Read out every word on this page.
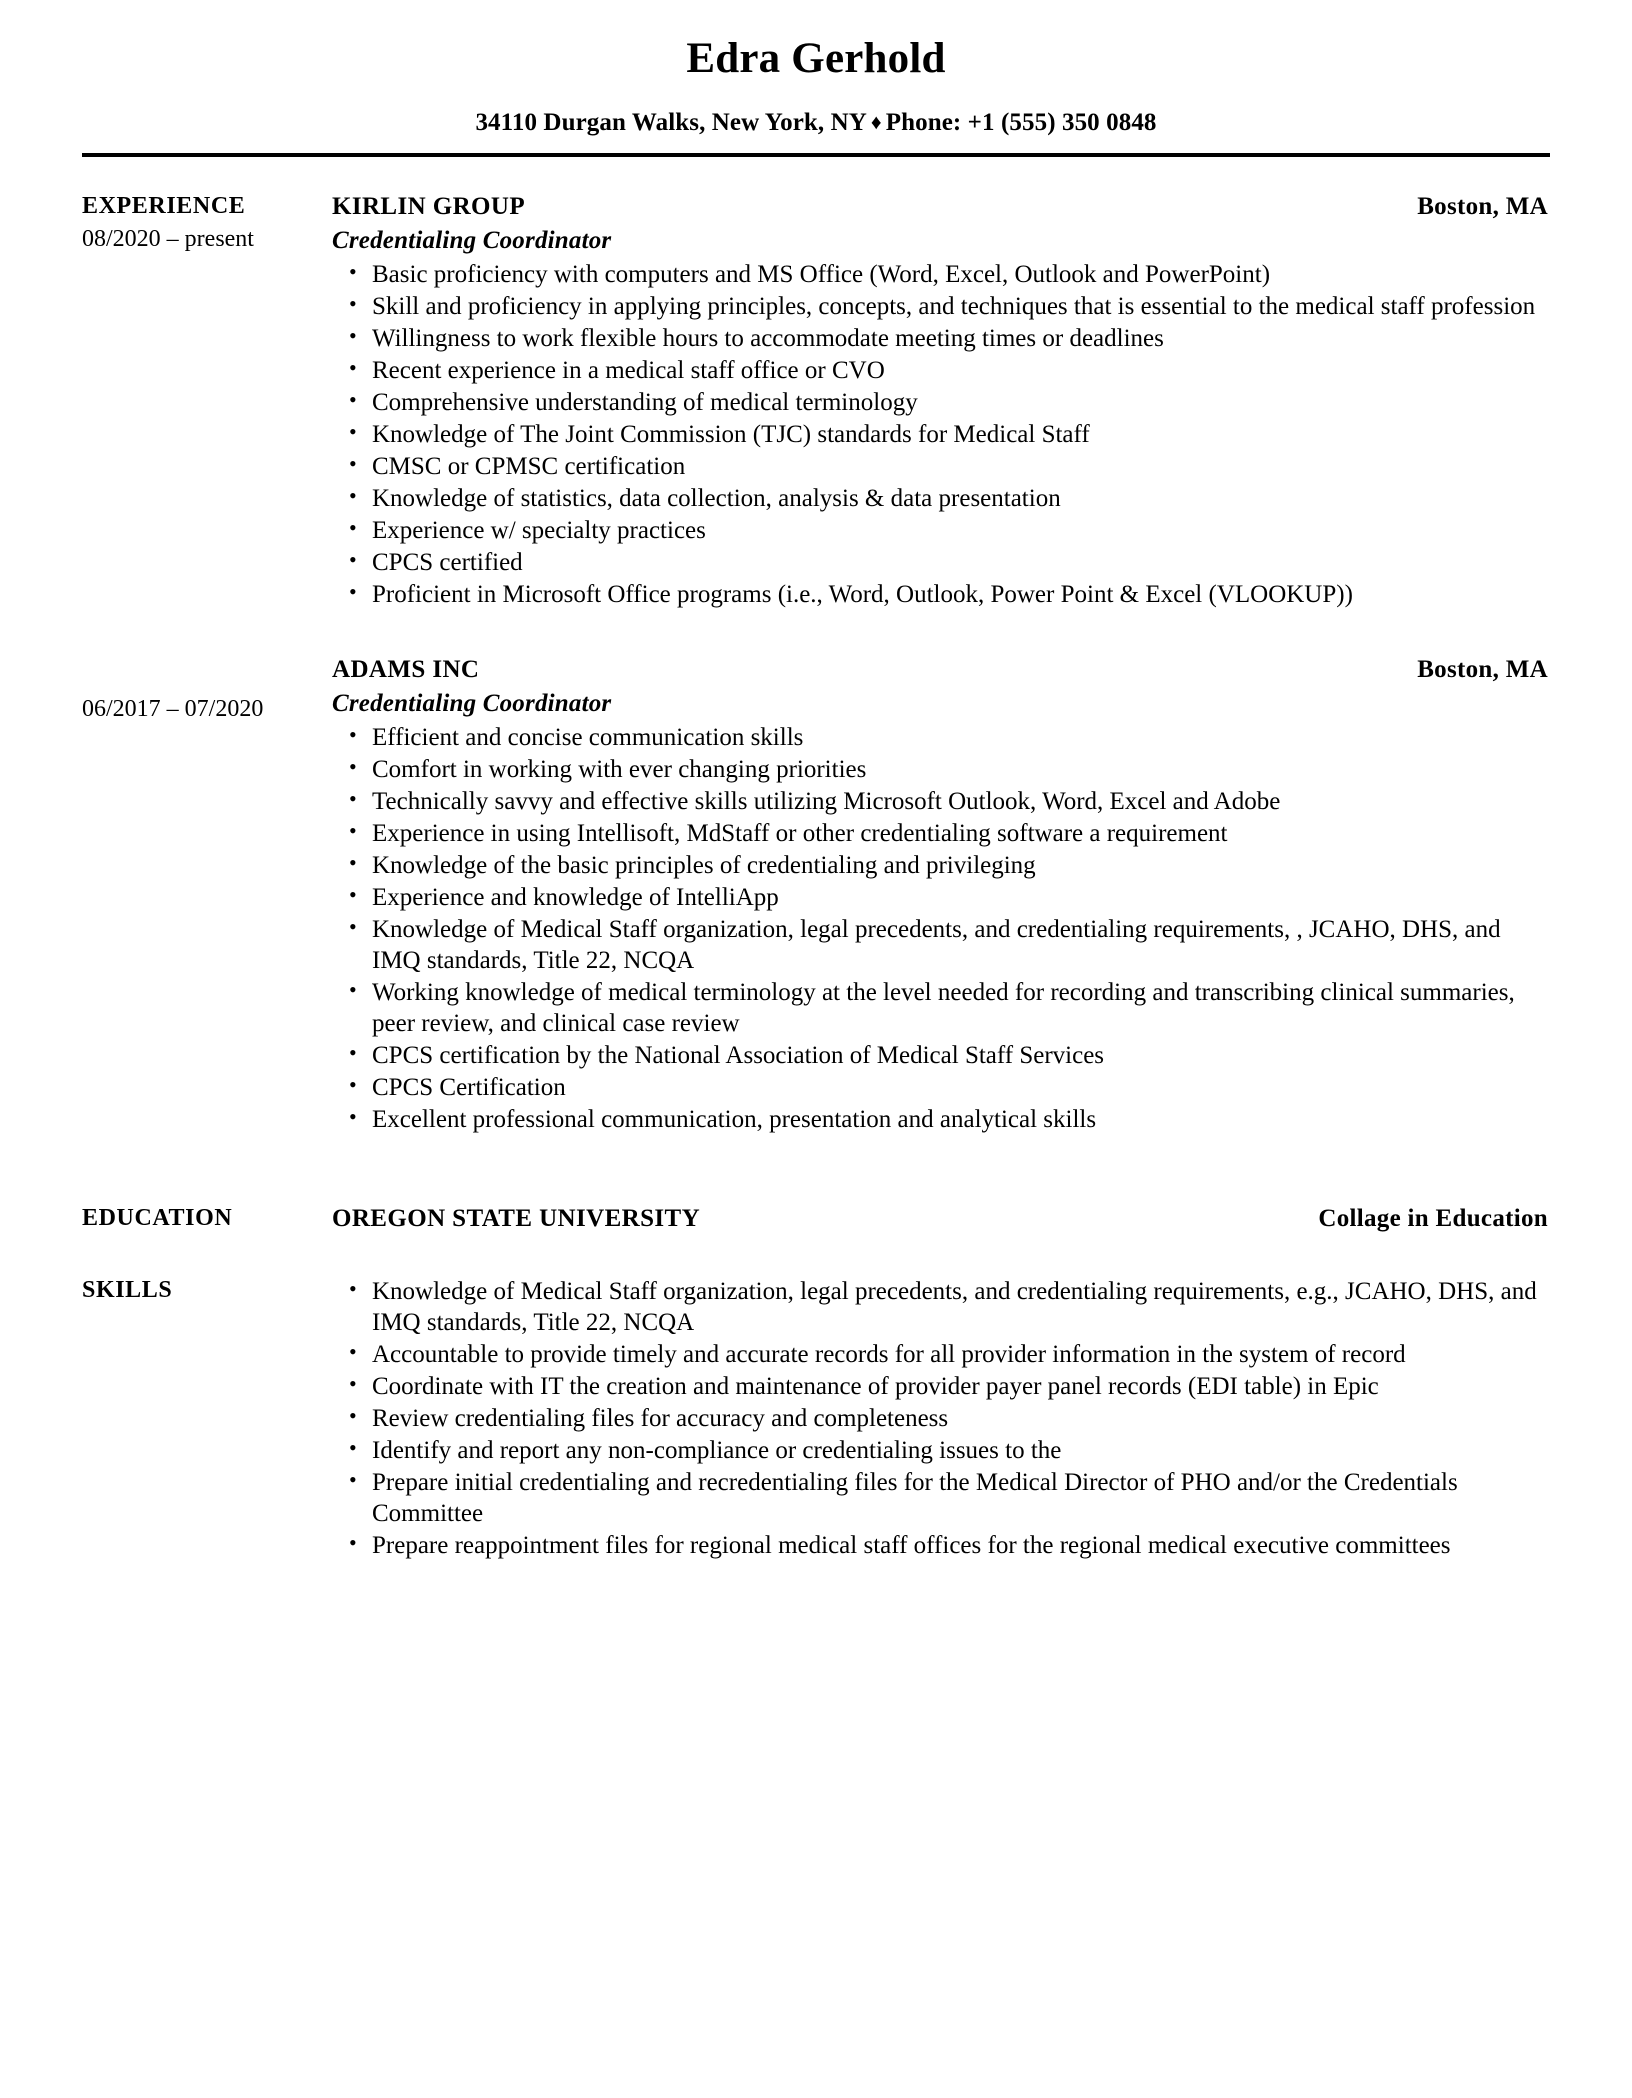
Edra Gerhold
34110 Durgan Walks, New York, NY ♦ Phone: +1 (555) 350 0848
EXPERIENCE
08/2020 – present
KIRLIN GROUP	Boston, MA
Credentialing Coordinator
• Basic proficiency with computers and MS Office (Word, Excel, Outlook and PowerPoint)
• Skill and proficiency in applying principles, concepts, and techniques that is essential to the medical staff profession
• Willingness to work flexible hours to accommodate meeting times or deadlines
• Recent experience in a medical staff office or CVO
• Comprehensive understanding of medical terminology
• Knowledge of The Joint Commission (TJC) standards for Medical Staff
• CMSC or CPMSC certification
• Knowledge of statistics, data collection, analysis & data presentation
• Experience w/ specialty practices
• CPCS certified
• Proficient in Microsoft Office programs (i.e., Word, Outlook, Power Point & Excel (VLOOKUP))
06/2017 – 07/2020
ADAMS INC	Boston, MA
Credentialing Coordinator
• Efficient and concise communication skills
• Comfort in working with ever changing priorities
• Technically savvy and effective skills utilizing Microsoft Outlook, Word, Excel and Adobe
• Experience in using Intellisoft, MdStaff or other credentialing software a requirement
• Knowledge of the basic principles of credentialing and privileging
• Experience and knowledge of IntelliApp
• Knowledge of Medical Staff organization, legal precedents, and credentialing requirements, , JCAHO, DHS, and IMQ standards, Title 22, NCQA
• Working knowledge of medical terminology at the level needed for recording and transcribing clinical summaries, peer review, and clinical case review
• CPCS certification by the National Association of Medical Staff Services
• CPCS Certification
• Excellent professional communication, presentation and analytical skills
EDUCATION	OREGON STATE UNIVERSITY	Collage in Education
SKILLS	• Knowledge of Medical Staff organization, legal precedents, and credentialing requirements, e.g., JCAHO, DHS, and IMQ standards, Title 22, NCQA
• Accountable to provide timely and accurate records for all provider information in the system of record
• Coordinate with IT the creation and maintenance of provider payer panel records (EDI table) in Epic
• Review credentialing files for accuracy and completeness
• Identify and report any non-compliance or credentialing issues to the
• Prepare initial credentialing and recredentialing files for the Medical Director of PHO and/or the Credentials Committee
• Prepare reappointment files for regional medical staff offices for the regional medical executive committees
